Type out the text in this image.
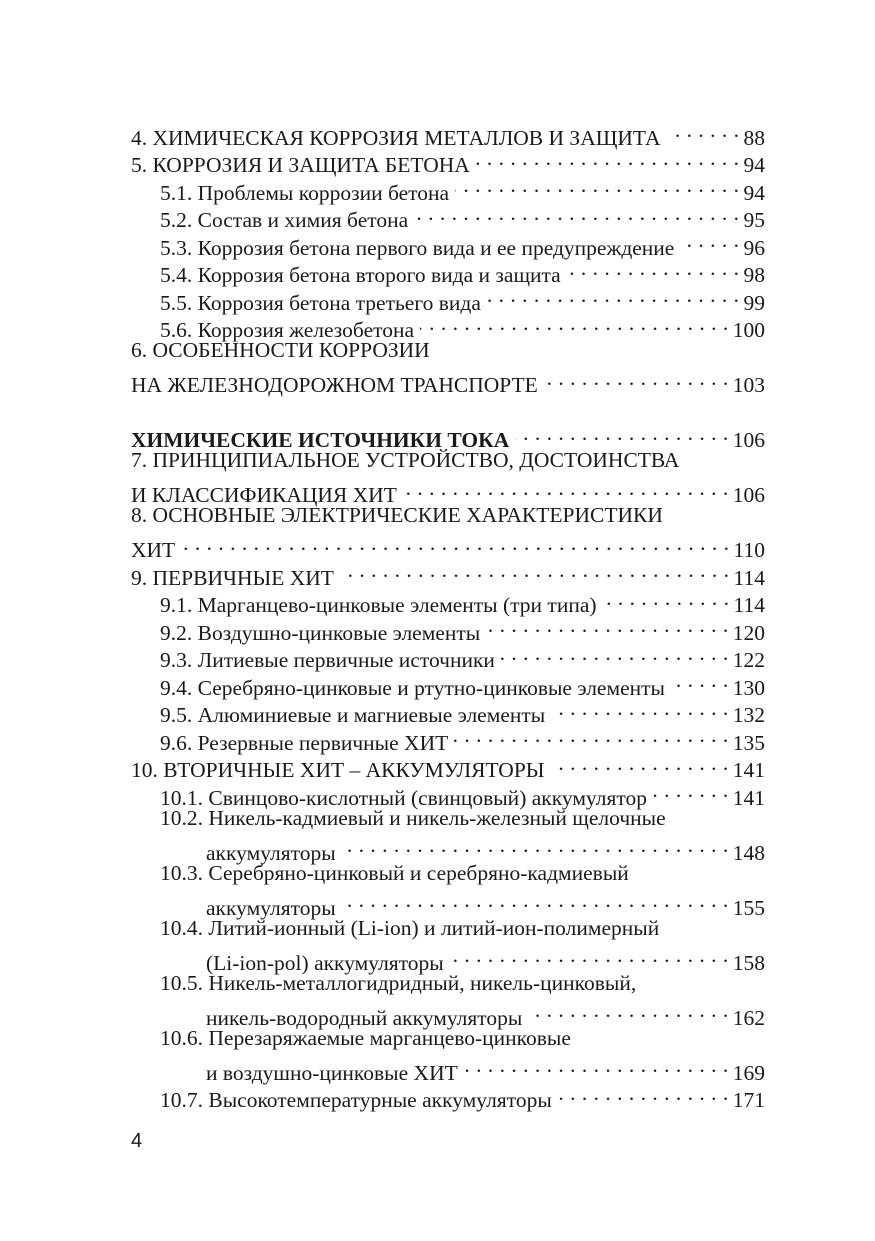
4. ХИМИЧЕСКАЯ КОРРОЗИЯ МЕТАЛЛОВ И ЗАЩИТА . . .	88
5. КОРРОЗИЯ И ЗАЩИТА БЕТОНА . . .	94
5.1. Проблемы коррозии бетона . . .	94
5.2. Состав и химия бетона . . .	95
5.3. Коррозия бетона первого вида и ее предупреждение . . .	96
5.4. Коррозия бетона второго вида и защита . . .	98
5.5. Коррозия бетона третьего вида . . .	99
5.6. Коррозия железобетона . . .	100
6. ОСОБЕННОСТИ КОРРОЗИИ
НА ЖЕЛЕЗНОДОРОЖНОМ ТРАНСПОРТЕ . . .	103
ХИМИЧЕСКИЕ ИСТОЧНИКИ ТОКА . . .	106
7. ПРИНЦИПИАЛЬНОЕ УСТРОЙСТВО, ДОСТОИНСТВА
И КЛАССИФИКАЦИЯ ХИТ . . .	106
8. ОСНОВНЫЕ ЭЛЕКТРИЧЕСКИЕ ХАРАКТЕРИСТИКИ
ХИТ . . .	110
9. ПЕРВИЧНЫЕ ХИТ . . .	114
9.1. Марганцево-цинковые элементы (три типа) . . .	114
9.2. Воздушно-цинковые элементы . . .	120
9.3. Литиевые первичные источники . . .	122
9.4. Серебряно-цинковые и ртутно-цинковые элементы . . .	130
9.5. Алюминиевые и магниевые элементы . . .	132
9.6. Резервные первичные ХИТ . . .	135
10. ВТОРИЧНЫЕ ХИТ – АККУМУЛЯТОРЫ . . .	141
10.1. Свинцово-кислотный (свинцовый) аккумулятор . . .	141
10.2. Никель-кадмиевый и никель-железный щелочные
аккумуляторы . . .	148
10.3. Серебряно-цинковый и серебряно-кадмиевый
аккумуляторы . . .	155
10.4. Литий-ионный (Li-ion) и литий-ион-полимерный
(Li-ion-pol) аккумуляторы . . .	158
10.5. Никель-металлогидридный, никель-цинковый,
никель-водородный аккумуляторы . . .	162
10.6. Перезаряжаемые марганцево-цинковые
и воздушно-цинковые ХИТ . . .	169
10.7. Высокотемпературные аккумуляторы . . .	171
4
